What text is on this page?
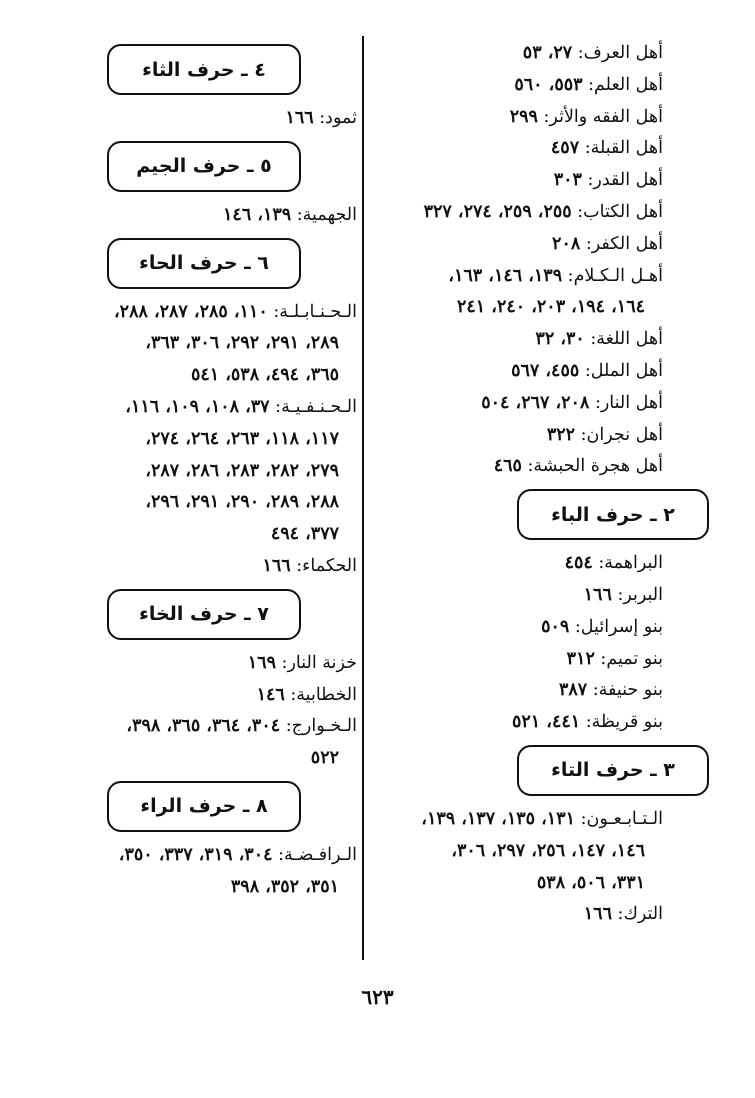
أهل العرف: ٢٧، ٥٣
أهل العلم: ٥٥٣، ٥٦٠
أهل الفقه والأثر: ٢٩٩
أهل القبلة: ٤٥٧
أهل القدر: ٣٠٣
أهل الكتاب: ٢٥٥، ٢٥٩، ٢٧٤، ٣٢٧
أهل الكفر: ٢٠٨
أهـل الـكـلام: ١٣٩، ١٤٦، ١٦٣،
١٦٤، ١٩٤، ٢٠٣، ٢٤٠، ٢٤١
أهل اللغة: ٣٠، ٣٢
أهل الملل: ٤٥٥، ٥٦٧
أهل النار: ٢٠٨، ٢٦٧، ٥٠٤
أهل نجران: ٣٢٢
أهل هجرة الحبشة: ٤٦٥
٢ ـ حرف الباء
البراهمة: ٤٥٤
البربر: ١٦٦
بنو إسرائيل: ٥٠٩
بنو تميم: ٣١٢
بنو حنيفة: ٣٨٧
بنو قريظة: ٤٤١، ٥٢١
٣ ـ حرف التاء
الـتـابـعـون: ١٣١، ١٣٥، ١٣٧، ١٣٩،
١٤٦، ١٤٧، ٢٥٦، ٢٩٧، ٣٠٦،
٣٣١، ٥٠٦، ٥٣٨
الترك: ١٦٦
٤ ـ حرف الثاء
ثمود: ١٦٦
٥ ـ حرف الجيم
الجهمية: ١٣٩، ١٤٦
٦ ـ حرف الحاء
الـحـنـابـلـة: ١١٠، ٢٨٥، ٢٨٧، ٢٨٨،
٢٨٩، ٢٩١، ٢٩٢، ٣٠٦، ٣٦٣،
٣٦٥، ٤٩٤، ٥٣٨، ٥٤١
الـحـنـفـيـة: ٣٧، ١٠٨، ١٠٩، ١١٦،
١١٧، ١١٨، ٢٦٣، ٢٦٤، ٢٧٤،
٢٧٩، ٢٨٢، ٢٨٣، ٢٨٦، ٢٨٧،
٢٨٨، ٢٨٩، ٢٩٠، ٢٩١، ٢٩٦،
٣٧٧، ٤٩٤
الحكماء: ١٦٦
٧ ـ حرف الخاء
خزنة النار: ١٦٩
الخطابية: ١٤٦
الـخـوارج: ٣٠٤، ٣٦٤، ٣٦٥، ٣٩٨،
٥٢٢
٨ ـ حرف الراء
الـرافـضـة: ٣٠٤، ٣١٩، ٣٣٧، ٣٥٠،
٣٥١، ٣٥٢، ٣٩٨
٦٢٣
